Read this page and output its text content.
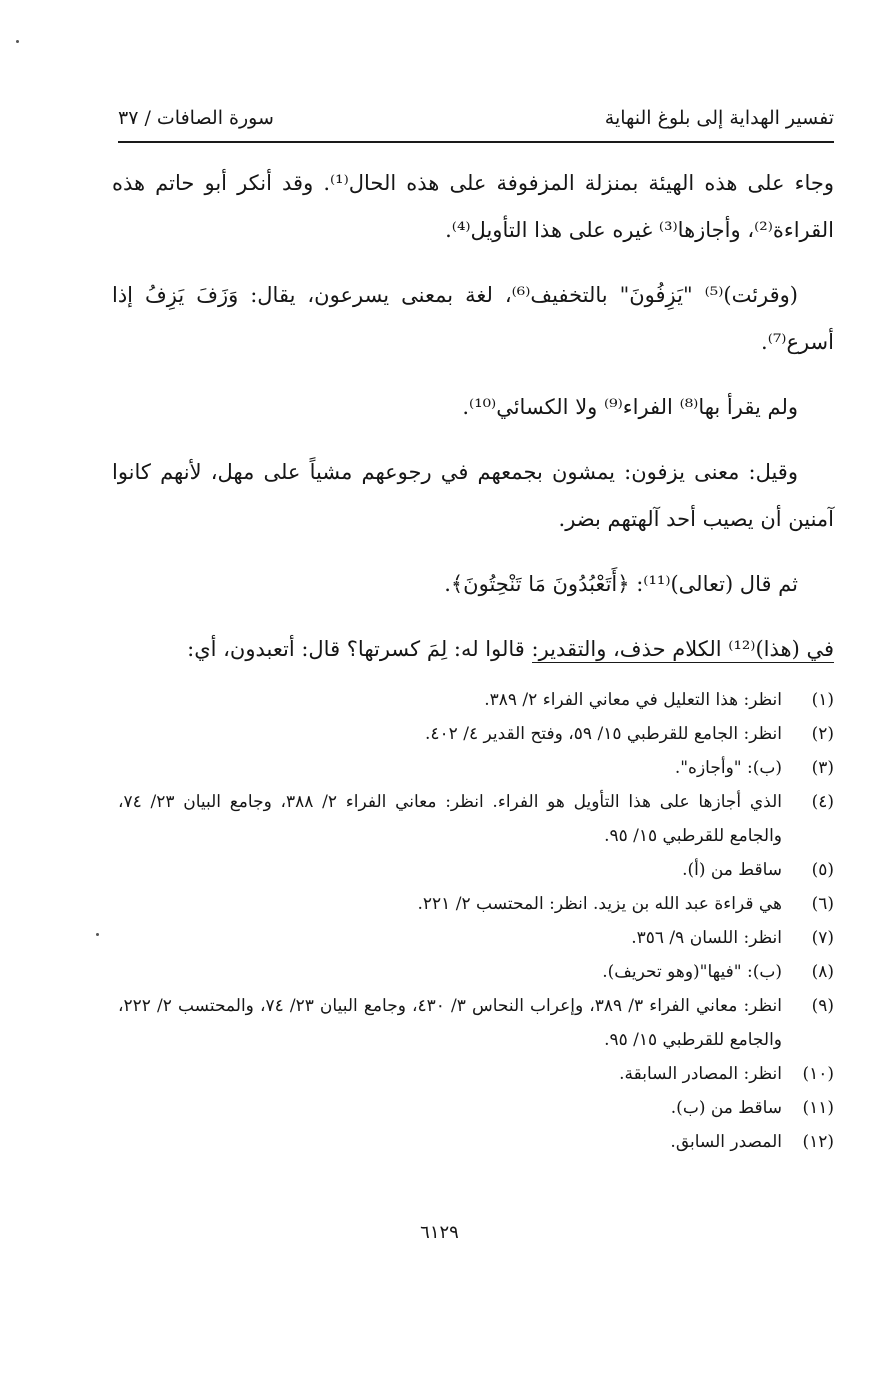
تفسير الهداية إلى بلوغ النهاية
سورة الصافات / ٣٧

وجاء على هذه الهيئة بمنزلة المزفوفة على هذه الحال⁽¹⁾. وقد أنكر أبو حاتم هذه القراءة⁽²⁾، وأجازها⁽³⁾ غيره على هذا التأويل⁽⁴⁾.

(وقرئت)⁽⁵⁾ "يَزِفُونَ" بالتخفيف⁽⁶⁾، لغة بمعنى يسرعون، يقال: وَزَفَ يَزِفُ إذا أسرع⁽⁷⁾.

ولم يقرأ بها⁽⁸⁾ الفراء⁽⁹⁾ ولا الكسائي⁽¹⁰⁾.

وقيل: معنى يزفون: يمشون بجمعهم في رجوعهم مشياً على مهل، لأنهم كانوا آمنين أن يصيب أحد آلهتهم بضر.

ثم قال (تعالى)⁽¹¹⁾: ﴿أَتَعْبُدُونَ مَا تَنْحِتُونَ﴾.

في (هذا)⁽¹²⁾ الكلام حذف، والتقدير: قالوا له: لِمَ كسرتها؟ قال: أتعبدون، أي:

(١)
انظر: هذا التعليل في معاني الفراء ٢/ ٣٨٩.
(٢)
انظر: الجامع للقرطبي ١٥/ ٥٩، وفتح القدير ٤/ ٤٠٢.
(٣)
(ب): "وأجازه".
(٤)
الذي أجازها على هذا التأويل هو الفراء. انظر: معاني الفراء ٢/ ٣٨٨، وجامع البيان ٢٣/ ٧٤، والجامع للقرطبي ١٥/ ٩٥.
(٥)
ساقط من (أ).
(٦)
هي قراءة عبد الله بن يزيد. انظر: المحتسب ٢/ ٢٢١.
(٧)
انظر: اللسان ٩/ ٣٥٦.
(٨)
(ب): "فيها"(وهو تحريف).
(٩)
انظر: معاني الفراء ٣/ ٣٨٩، وإعراب النحاس ٣/ ٤٣٠، وجامع البيان ٢٣/ ٧٤، والمحتسب ٢/ ٢٢٢، والجامع للقرطبي ١٥/ ٩٥.
(١٠)
انظر: المصادر السابقة.
(١١)
ساقط من (ب).
(١٢)
المصدر السابق.
٦١٢٩
